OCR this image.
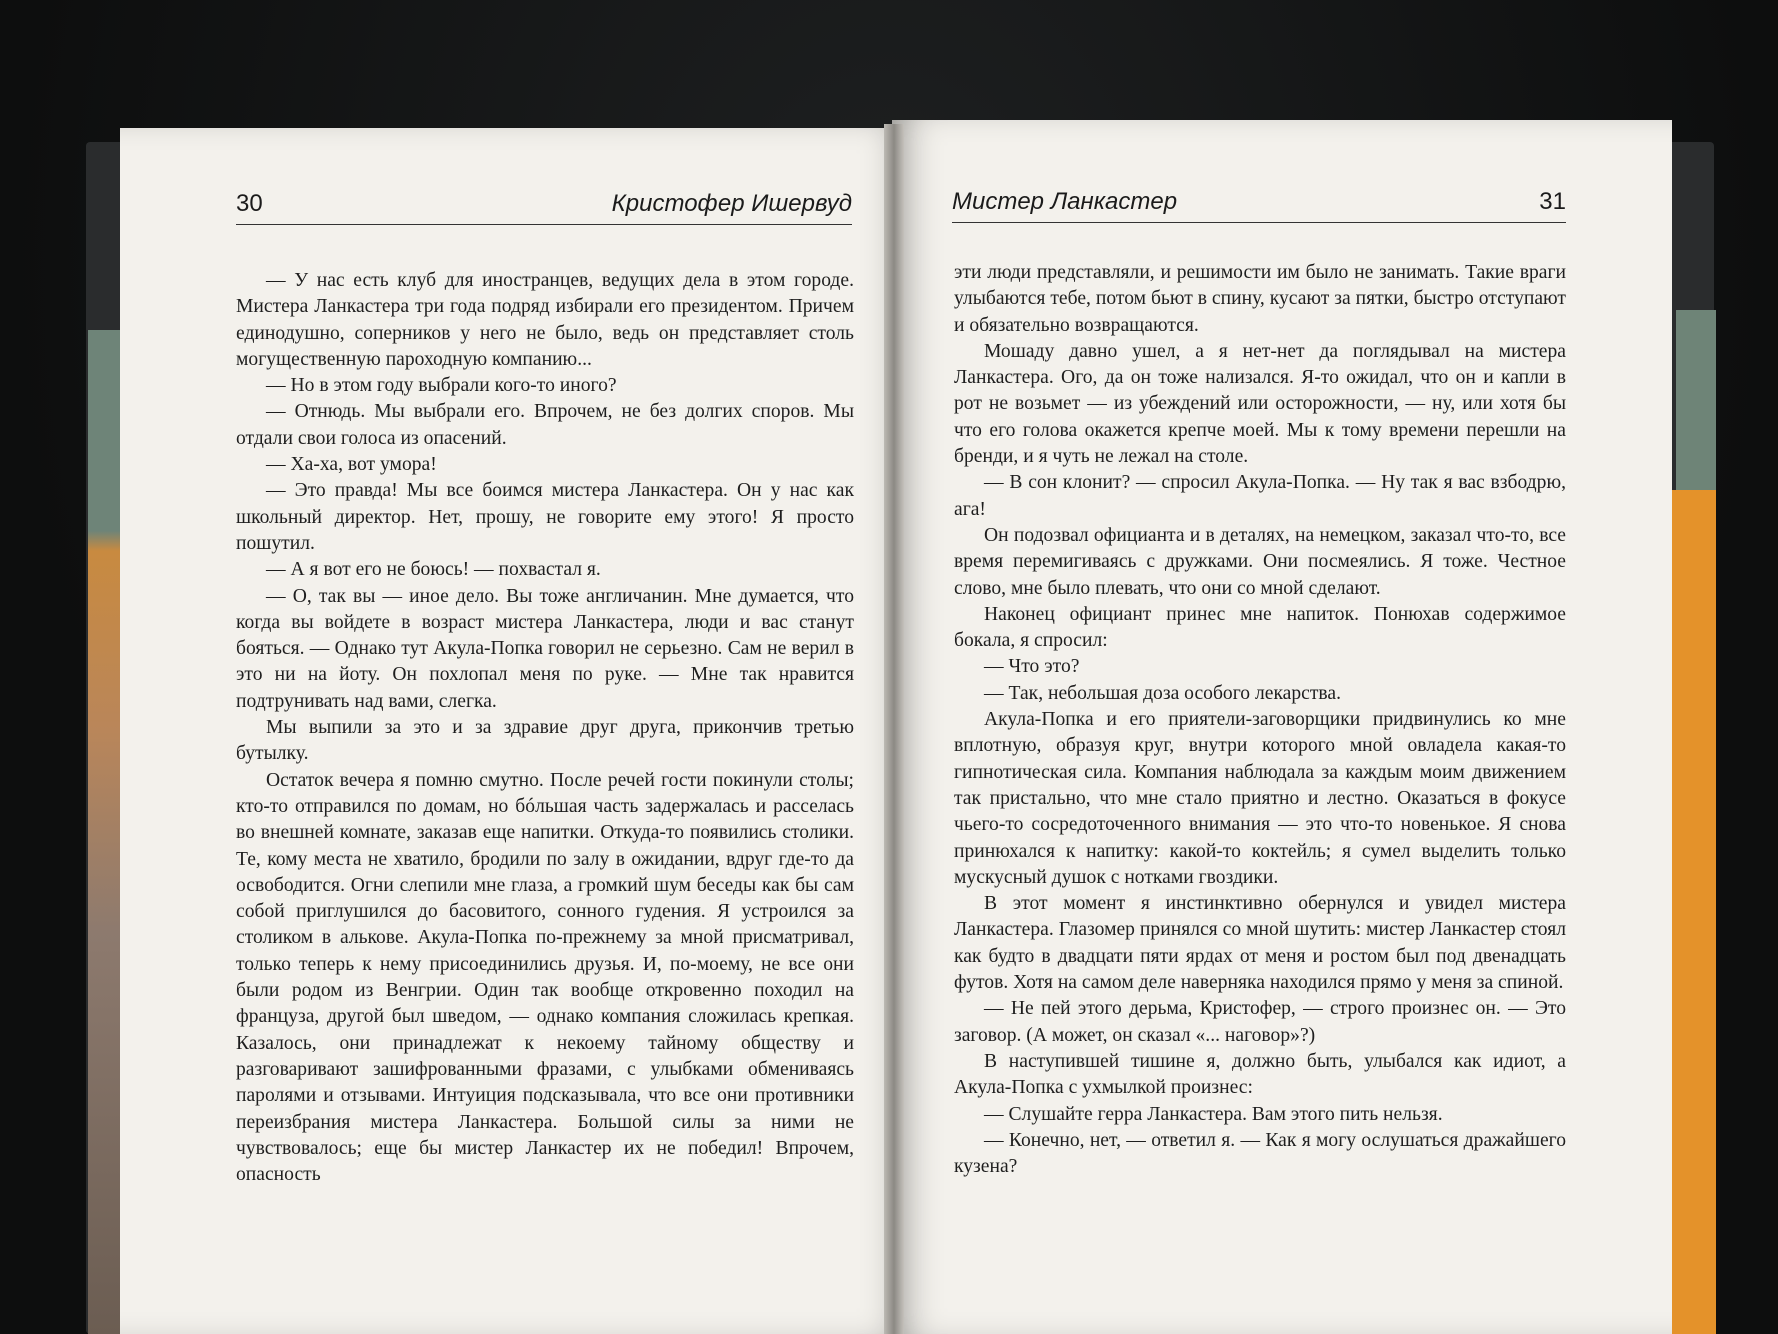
30	Кристофер Ишервуд

— У нас есть клуб для иностранцев, ведущих дела в этом городе. Мистера Ланкастера три года подряд избирали его президентом. Причем единодушно, соперников у него не было, ведь он представляет столь могущественную пароходную компанию...

— Но в этом году выбрали кого-то иного?

— Отнюдь. Мы выбрали его. Впрочем, не без долгих споров. Мы отдали свои голоса из опасений.

— Ха-ха, вот умора!

— Это правда! Мы все боимся мистера Ланкастера. Он у нас как школьный директор. Нет, прошу, не говорите ему этого! Я просто пошутил.

— А я вот его не боюсь! — похвастал я.

— О, так вы — иное дело. Вы тоже англичанин. Мне думается, что когда вы войдете в возраст мистера Ланкастера, люди и вас станут бояться. — Однако тут Акула-Попка говорил не серьезно. Сам не верил в это ни на йоту. Он похлопал меня по руке. — Мне так нравится подтрунивать над вами, слегка.

Мы выпили за это и за здравие друг друга, прикончив третью бутылку.

Остаток вечера я помню смутно. После речей гости покинули столы; кто-то отправился по домам, но бóльшая часть задержалась и расселась во внешней комнате, заказав еще напитки. Откуда-то появились столики. Те, кому места не хватило, бродили по залу в ожидании, вдруг где-то да освободится. Огни слепили мне глаза, а громкий шум беседы как бы сам собой приглушился до басовитого, сонного гудения. Я устроился за столиком в алькове. Акула-Попка по-прежнему за мной присматривал, только теперь к нему присоединились друзья. И, по-моему, не все они были родом из Венгрии. Один так вообще откровенно походил на француза, другой был шведом, — однако компания сложилась крепкая. Казалось, они принадлежат к некоему тайному обществу и разговаривают зашифрованными фразами, с улыбками обмениваясь паролями и отзывами. Интуиция подсказывала, что все они противники переизбрания мистера Ланкастера. Большой силы за ними не чувствовалось; еще бы мистер Ланкастер их не победил! Впрочем, опасность

Мистер Ланкастер	31

эти люди представляли, и решимости им было не занимать. Такие враги улыбаются тебе, потом бьют в спину, кусают за пятки, быстро отступают и обязательно возвращаются.

Мошаду давно ушел, а я нет-нет да поглядывал на мистера Ланкастера. Ого, да он тоже нализался. Я-то ожидал, что он и капли в рот не возьмет — из убеждений или осторожности, — ну, или хотя бы что его голова окажется крепче моей. Мы к тому времени перешли на бренди, и я чуть не лежал на столе.

— В сон клонит? — спросил Акула-Попка. — Ну так я вас взбодрю, ага!

Он подозвал официанта и в деталях, на немецком, заказал что-то, все время перемигиваясь с дружками. Они посмеялись. Я тоже. Честное слово, мне было плевать, что они со мной сделают.

Наконец официант принес мне напиток. Понюхав содержимое бокала, я спросил:

— Что это?

— Так, небольшая доза особого лекарства.

Акула-Попка и его приятели-заговорщики придвинулись ко мне вплотную, образуя круг, внутри которого мной овладела какая-то гипнотическая сила. Компания наблюдала за каждым моим движением так пристально, что мне стало приятно и лестно. Оказаться в фокусе чьего-то сосредоточенного внимания — это что-то новенькое. Я снова принюхался к напитку: какой-то коктейль; я сумел выделить только мускусный душок с нотками гвоздики.

В этот момент я инстинктивно обернулся и увидел мистера Ланкастера. Глазомер принялся со мной шутить: мистер Ланкастер стоял как будто в двадцати пяти ярдах от меня и ростом был под двенадцать футов. Хотя на самом деле наверняка находился прямо у меня за спиной.

— Не пей этого дерьма, Кристофер, — строго произнес он. — Это заговор. (А может, он сказал «... наговор»?)

В наступившей тишине я, должно быть, улыбался как идиот, а Акула-Попка с ухмылкой произнес:

— Слушайте герра Ланкастера. Вам этого пить нельзя.

— Конечно, нет, — ответил я. — Как я могу ослушаться дражайшего кузена?
